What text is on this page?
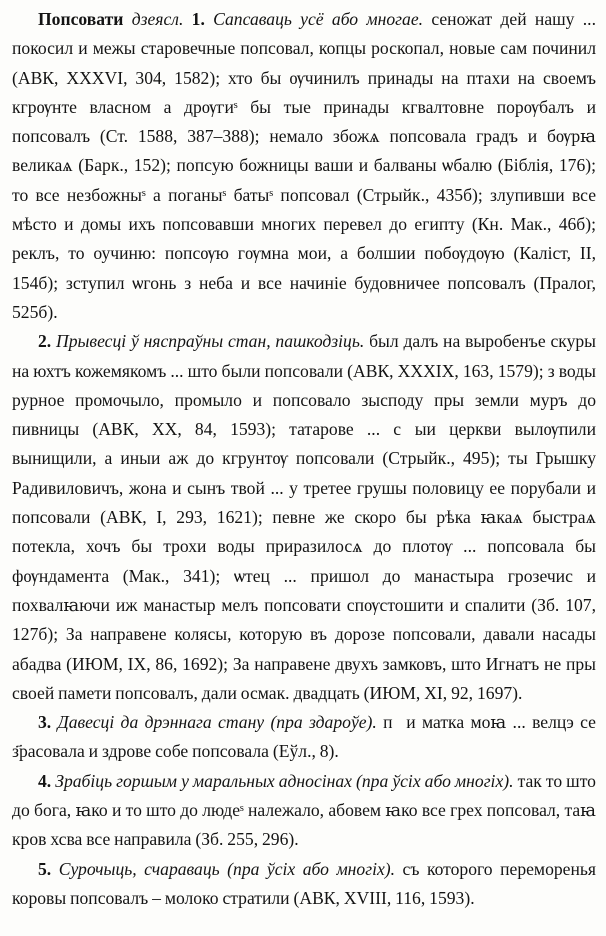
Попсовати дзеясл. 1. Сапсаваць усё або многае. сеножат дей нашу ... покосил и межы старовечные попсовал, копцы роскопал, новые сам починил (АВК, XXXVI, 304, 1582); хто бы ѹчинилъ принады на птахи на своемъ кгрѹнте власном а дрѹгиˢ бы тые принады кгвалтовне порѹбалъ и попсовалъ (Ст. 1588, 387–388); немало збожѧ попсовала градъ и бѹрꙗ великаѧ (Барк., 152); попсую божницы ваши и балваны ѡбалю (Біблія, 176); то все незбожныˢ а поганыˢ батыˢ попсовал (Стрыйк., 435б); злупивши все мѣсто и домы ихъ попсовавши многих перевел до египту (Кн. Мак., 46б); реклъ, то оучиню: попсѹю гѹмна мои, а болшии побѹдѹю (Каліст, II, 154б); зступил ѡгонь з неба и все начинie будовничее попсовалъ (Пралог, 525б).

2. Прывесці ў няспраўны стан, пашкодзіць. был далъ на выробенъе скуры на юхтъ кожемякомъ ... што были попсовали (АВК, XXXIX, 163, 1579); з воды рурное промочыло, промыло и попсовало зысподу пры земли муръ до пивницы (АВК, XX, 84, 1593); татарове ... сⷮыи церкви вылѹпили вынищили, а иныи аж до кгрунтѹ попсовали (Стрыйк., 495); ты Грышку Радивиловичъ, жона и сынъ твой ... у третее грушы половицу ее порубали и попсовали (АВК, I, 293, 1621); певне же скоро бы рѣка ꙗкаѧ быстраѧ потекла, хочъ бы трохи воды приразилосѧ до плотѹ ... попсовала бы фѹндамента (Мак., 341); ѡтец ... пришол до манастыра грозечис и похвалꙗючи иж манастыр мелъ попсовати спѹстошити и спалити (Зб. 107, 127б); За направене колясы, которую въ дорозе попсовали, давали насады абадва (ИЮМ, IX, 86, 1692); За направене двухъ замковъ, што Игнатъ не пры своей памети попсовалъ, дали осмак. двадцать (ИЮМ, XI, 92, 1697).

3. Давесці да дрэннага стану (пра здароўе). пⷩи матка моꙗ ... велцэ се з҃расовала и здрове собе попсовала (Еўл., 8).

4. Зрабіць горшым у маральных адносінах (пра ўсіх або многіх). так то што до бога, ꙗко и то што до людеˢ належало, абовем ꙗко все грех попсовал, таꙗ кров хсва все направила (Зб. 255, 296).

5. Сурочыць, счараваць (пра ўсіх або многіх). съ которого переморенья коровы попсовалъ – молоко стратили (АВК, XVIII, 116, 1593).
